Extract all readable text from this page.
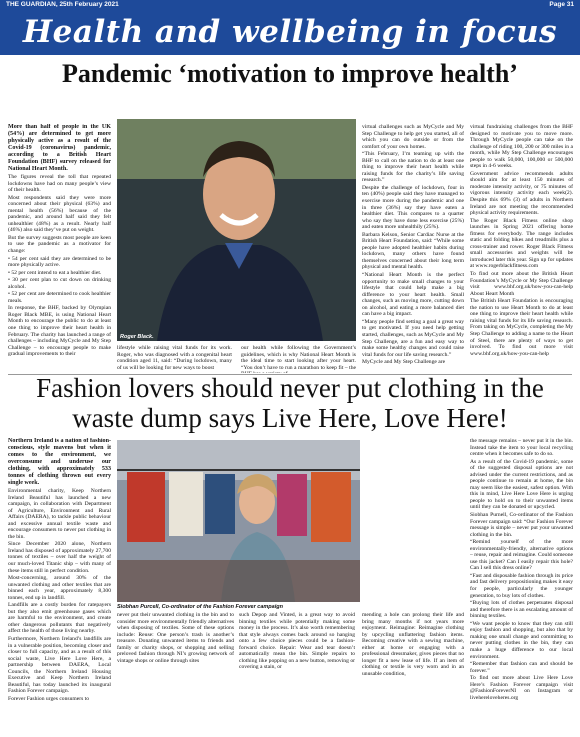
THE GUARDIAN, 25th February 2021	Page 31
Health and wellbeing in focus
Pandemic ‘motivation to improve health’

More than half of people in the UK (54%) are determined to get more physically active as a result of the Covid-19 (coronavirus) pandemic, according to a British Heart Foundation (BHF) survey released for National Heart Month.

The figures reveal the toll that repeated lockdowns have had on many people’s view of their health.

Most respondents said they were more concerned about their physical (63%) and mental health (56%) because of the pandemic, and around half said they felt unhealthier (48%) as a result. Nearly half (46%) also said they’ve put on weight.

But the survey suggests most people are keen to use the pandemic as a motivator for change:

• 54 per cent said they are determined to be more physically active.
• 52 per cent intend to eat a healthier diet.
• 30 per cent plan to cut down on drinking alcohol.
• 52 per cent are determined to cook healthier meals.

In response, the BHF, backed by Olympian Roger Black MBE, is using National Heart Month to encourage the public to do at least one thing to improve their heart health in February. The charity has launched a range of challenges – including MyCycle and My Step Challenge – to encourage people to make gradual improvements to their

Roger Black.

lifestyle while raising vital funds for its work. Roger, who was diagnosed with a congenital heart condition aged 11, said: “During lockdown, many of us will be looking for new ways to boost

our health while following the Government’s guidelines, which is why National Heart Month is the ideal time to start looking after your heart. “You don’t have to run a marathon to keep fit – the

virtual challenges such as MyCycle and My Step Challenge to help get you started, all of which you can do outside or from the comfort of your own homes.

“This February, I’m teaming up with the BHF to call on the nation to do at least one thing to improve their heart health while raising funds for the charity’s life saving research.”

Despite the challenge of lockdown, four in ten (40%) people said they have managed to exercise more during the pandemic and one in three (36%) say they have eaten a healthier diet. This compares to a quarter who say they have done less exercise (25%) and eaten more unhealthily (25%).

Barbara Kelson, Senior Cardiac Nurse at the British Heart Foundation, said: “While some people have adopted healthier habits during lockdown, many others have found themselves concerned about their long term physical and mental health.

“National Heart Month is the perfect opportunity to make small changes to your lifestyle that could help make a big difference to your heart health. Small changes, such as moving more, cutting down on alcohol, and eating a more balanced diet can have a big impact.

“Many people find setting a goal a great way to get motivated. If you need help getting started, challenges, such as MyCycle and My Step Challenge, are a fun and easy way to make some healthy changes and could raise vital funds for our life saving research.”

MyCycle and My Step Challenge are

virtual fundraising challenges from the BHF designed to motivate you to move more. Through MyCycle people can take on the challenge of riding 100, 200 or 300 miles in a month, while My Step Challenge encourages people to walk 50,000, 100,000 or 500,000 steps in 4-6 weeks.

Government advice recommends adults should aim for at least 150 minutes of moderate intensity activity, or 75 minutes of vigorous intensity activity each week(2). Despite this 69% (3) of adults in Northern Ireland are not meeting the recommended physical activity requirements.

The Roger Black Fitness online shop launches in Spring 2021 offering home fitness for everybody. The range includes static and folding bikes and treadmills plus a cross-trainer and rower. Roger Black Fitness small accessories and weights will be introduced later this year. Sign up for updates at www.rogerblackfitness.com

To find out more about the British Heart Foundation’s MyCycle or My Step Challenge visit www.bhf.org.uk/how-you-can-help About Heart Month

The British Heart Foundation is encouraging the nation to use Heart Month to do at least one thing to improve their heart health while raising vital funds for its life saving research. From taking on MyCycle, completing the My Step Challenge to adding a name to the Heart of Steel, there are plenty of ways to get involved. To find out more visit www.bhf.org.uk/how-you-can-help

Fashion lovers should never put clothing in the waste dump says Live Here, Love Here!

Northern Ireland is a nation of fashion-conscious, style mavens but when it comes to the environment, we overconsume and underuse our clothing, with approximately 533 tonnes of clothing thrown out every single week.

Environmental charity, Keep Northern Ireland Beautiful has launched a new campaign, in collaboration with Department of Agriculture, Environment and Rural Affairs (DAERA), to tackle public behaviour and excessive annual textile waste and encourage consumers to never put clothing in the bin.

Since December 2020 alone, Northern Ireland has disposed of approximately 27,700 tonnes of textiles – over half the weight of our much-loved Titanic ship – with many of these items still in perfect condition.

Most-concerning, around 30% of the unwanted clothing and other textiles that are binned each year, approximately 8,300 tonnes, end up in landfill.

Landfills are a costly burden for ratepayers but they also emit greenhouse gases which are harmful to the environment, and create other dangerous pollutants that negatively affect the health of those living nearby.

Furthermore, Northern Ireland’s landfills are in a vulnerable position, becoming closer and closer to full capacity, and as a result of this social waste, Live Here Love Here, a partnership between DAERA, Local Councils, the Northern Ireland Housing Executive and Keep Northern Ireland Beautiful, has today launched its inaugural Fashion Forever campaign.

Forever Fashion urges consumers to

Siobhan Purcell, Co-ordinator of the Fashion Forever campaign

never put their unwanted clothing in the bin and to consider more environmentally friendly alternatives when disposing of textiles. Some of these options include: Reuse: One person’s trash is another’s treasure. Donating unwanted items to friends and family or charity shops, or shopping and selling preloved fashion through NI’s growing network of vintage shops or online through sites

such Depop and Vinted, is a great way to avoid binning textiles while potentially making some money in the process. It’s also worth remembering that style always comes back around so hanging onto a few choice pieces could be a fashion-forward choice. Repair: Wear and tear doesn’t automatically mean the bin. Simple repairs to clothing like popping on a new button, removing or covering a stain, or

mending a hole can prolong their life and bring many months if not years more enjoyment. Reimagine: Reimagine clothing by upcycling unflattering fashion items. Becoming creative with a sewing machine, either at home or engaging with a professional dressmaker, gives pieces that no longer fit a new lease of life. If an item of clothing or textile is very worn and in an unusable condition,

the message remains – never put it in the bin. Instead take the item to your local recycling centre when it becomes safe to do so.

As a result of the Covid-19 pandemic, some of the suggested disposal options are not advised under the current restrictions, and as people continue to remain at home, the bin may seem like the easiest, safest option. With this in mind, Live Here Love Here is urging people to hold on to their unwanted items until they can be donated or upcycled.

Siobhan Purnell, Co-ordinator of the Fashion Forever campaign said: “Our Fashion Forever message is simple – never put your unwanted clothing in the bin.

“Remind yourself of the more environmentally-friendly, alternative options – reuse, repair and reimagine. Could someone use this jacket? Can I easily repair this hole? Can I sell this dress online?

“Fast and disposable fashion through its price and fast delivery propositioning makes it easy for people, particularly the younger generation, to buy lots of clothes.

“Buying lots of clothes perpetuates disposal and therefore there is an escalating amount of binning textiles.

“We want people to know that they can still enjoy fashion and shopping, but also that by making one small change and committing to never putting clothes in the bin, they can make a huge difference to our local environment.

“Remember that fashion can and should be forever.”

To find out more about Live Here Love Here’s Fashion Forever campaign visit @FashionForeverNI on Instagram or livehereloveheres.org
